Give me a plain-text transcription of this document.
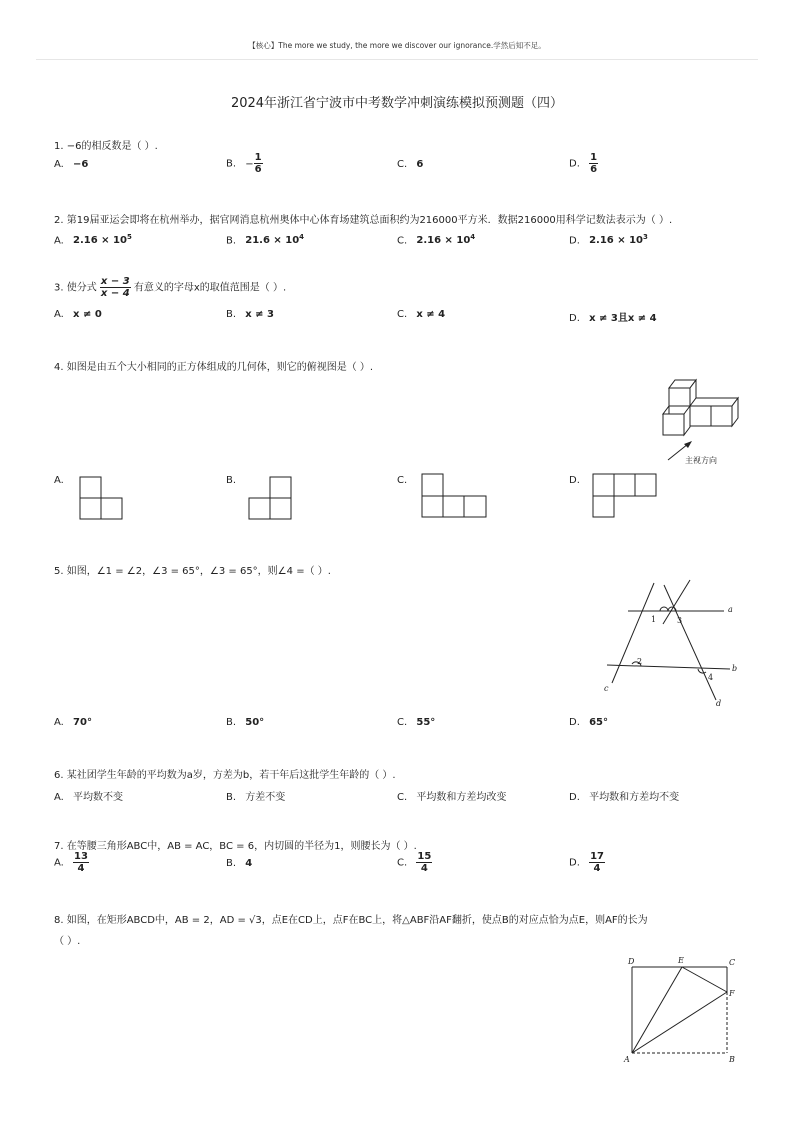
【核心】The more we study, the more we discover our ignorance.学然后知不足。
2024年浙江省宁波市中考数学冲刺演练模拟预测题（四）
1. −6的相反数是（ ）.
A. −6	B. − $\frac{1}{6}$	C. 6	D. $\frac{1}{6}$
2. 第19届亚运会即将在杭州举办，据官网消息杭州奥体中心体育场建筑总面积约为216000平方米．数据216000用科学记数法表示为（ ）.
A. $2.16 \times 10^5$	B. $21.6 \times 10^4$	C. $2.16 \times 10^4$	D. $2.16 \times 10^3$
3. 使分式 $\frac{x - 3}{x - 4}$ 有意义的字母x的取值范围是（ ）.
A. x ≠ 0	B. x ≠ 3	C. x ≠ 4	D. x ≠ 3且x ≠ 4
4. 如图是由五个大小相同的正方体组成的几何体，则它的俯视图是（ ）.
主视方向
A.	B.	C.	D.
5. 如图，∠1 = ∠2，∠3 = 65°，∠3 = 65°，则∠4 =（ ）.
a
b
c
d
1	3
2
4
A. 70°	B. 50°	C. 55°	D. 65°
6. 某社团学生年龄的平均数为a岁，方差为b，若干年后这批学生年龄的（ ）.
A. 平均数不变	B. 方差不变	C. 平均数和方差均改变	D. 平均数和方差均不变
7. 在等腰三角形ABC中，AB = AC，BC = 6，内切圆的半径为1，则腰长为（ ）.
A. $\frac{13}{4}$	B. 4	C. $\frac{15}{4}$	D. $\frac{17}{4}$
8. 如图，在矩形ABCD中，AB = 2，AD = √3，点E在CD上，点F在BC上，将△ABF沿AF翻折，使点B的对应点恰为点E，则AF的长为
（ ）.
D	E	C
F
A	B
